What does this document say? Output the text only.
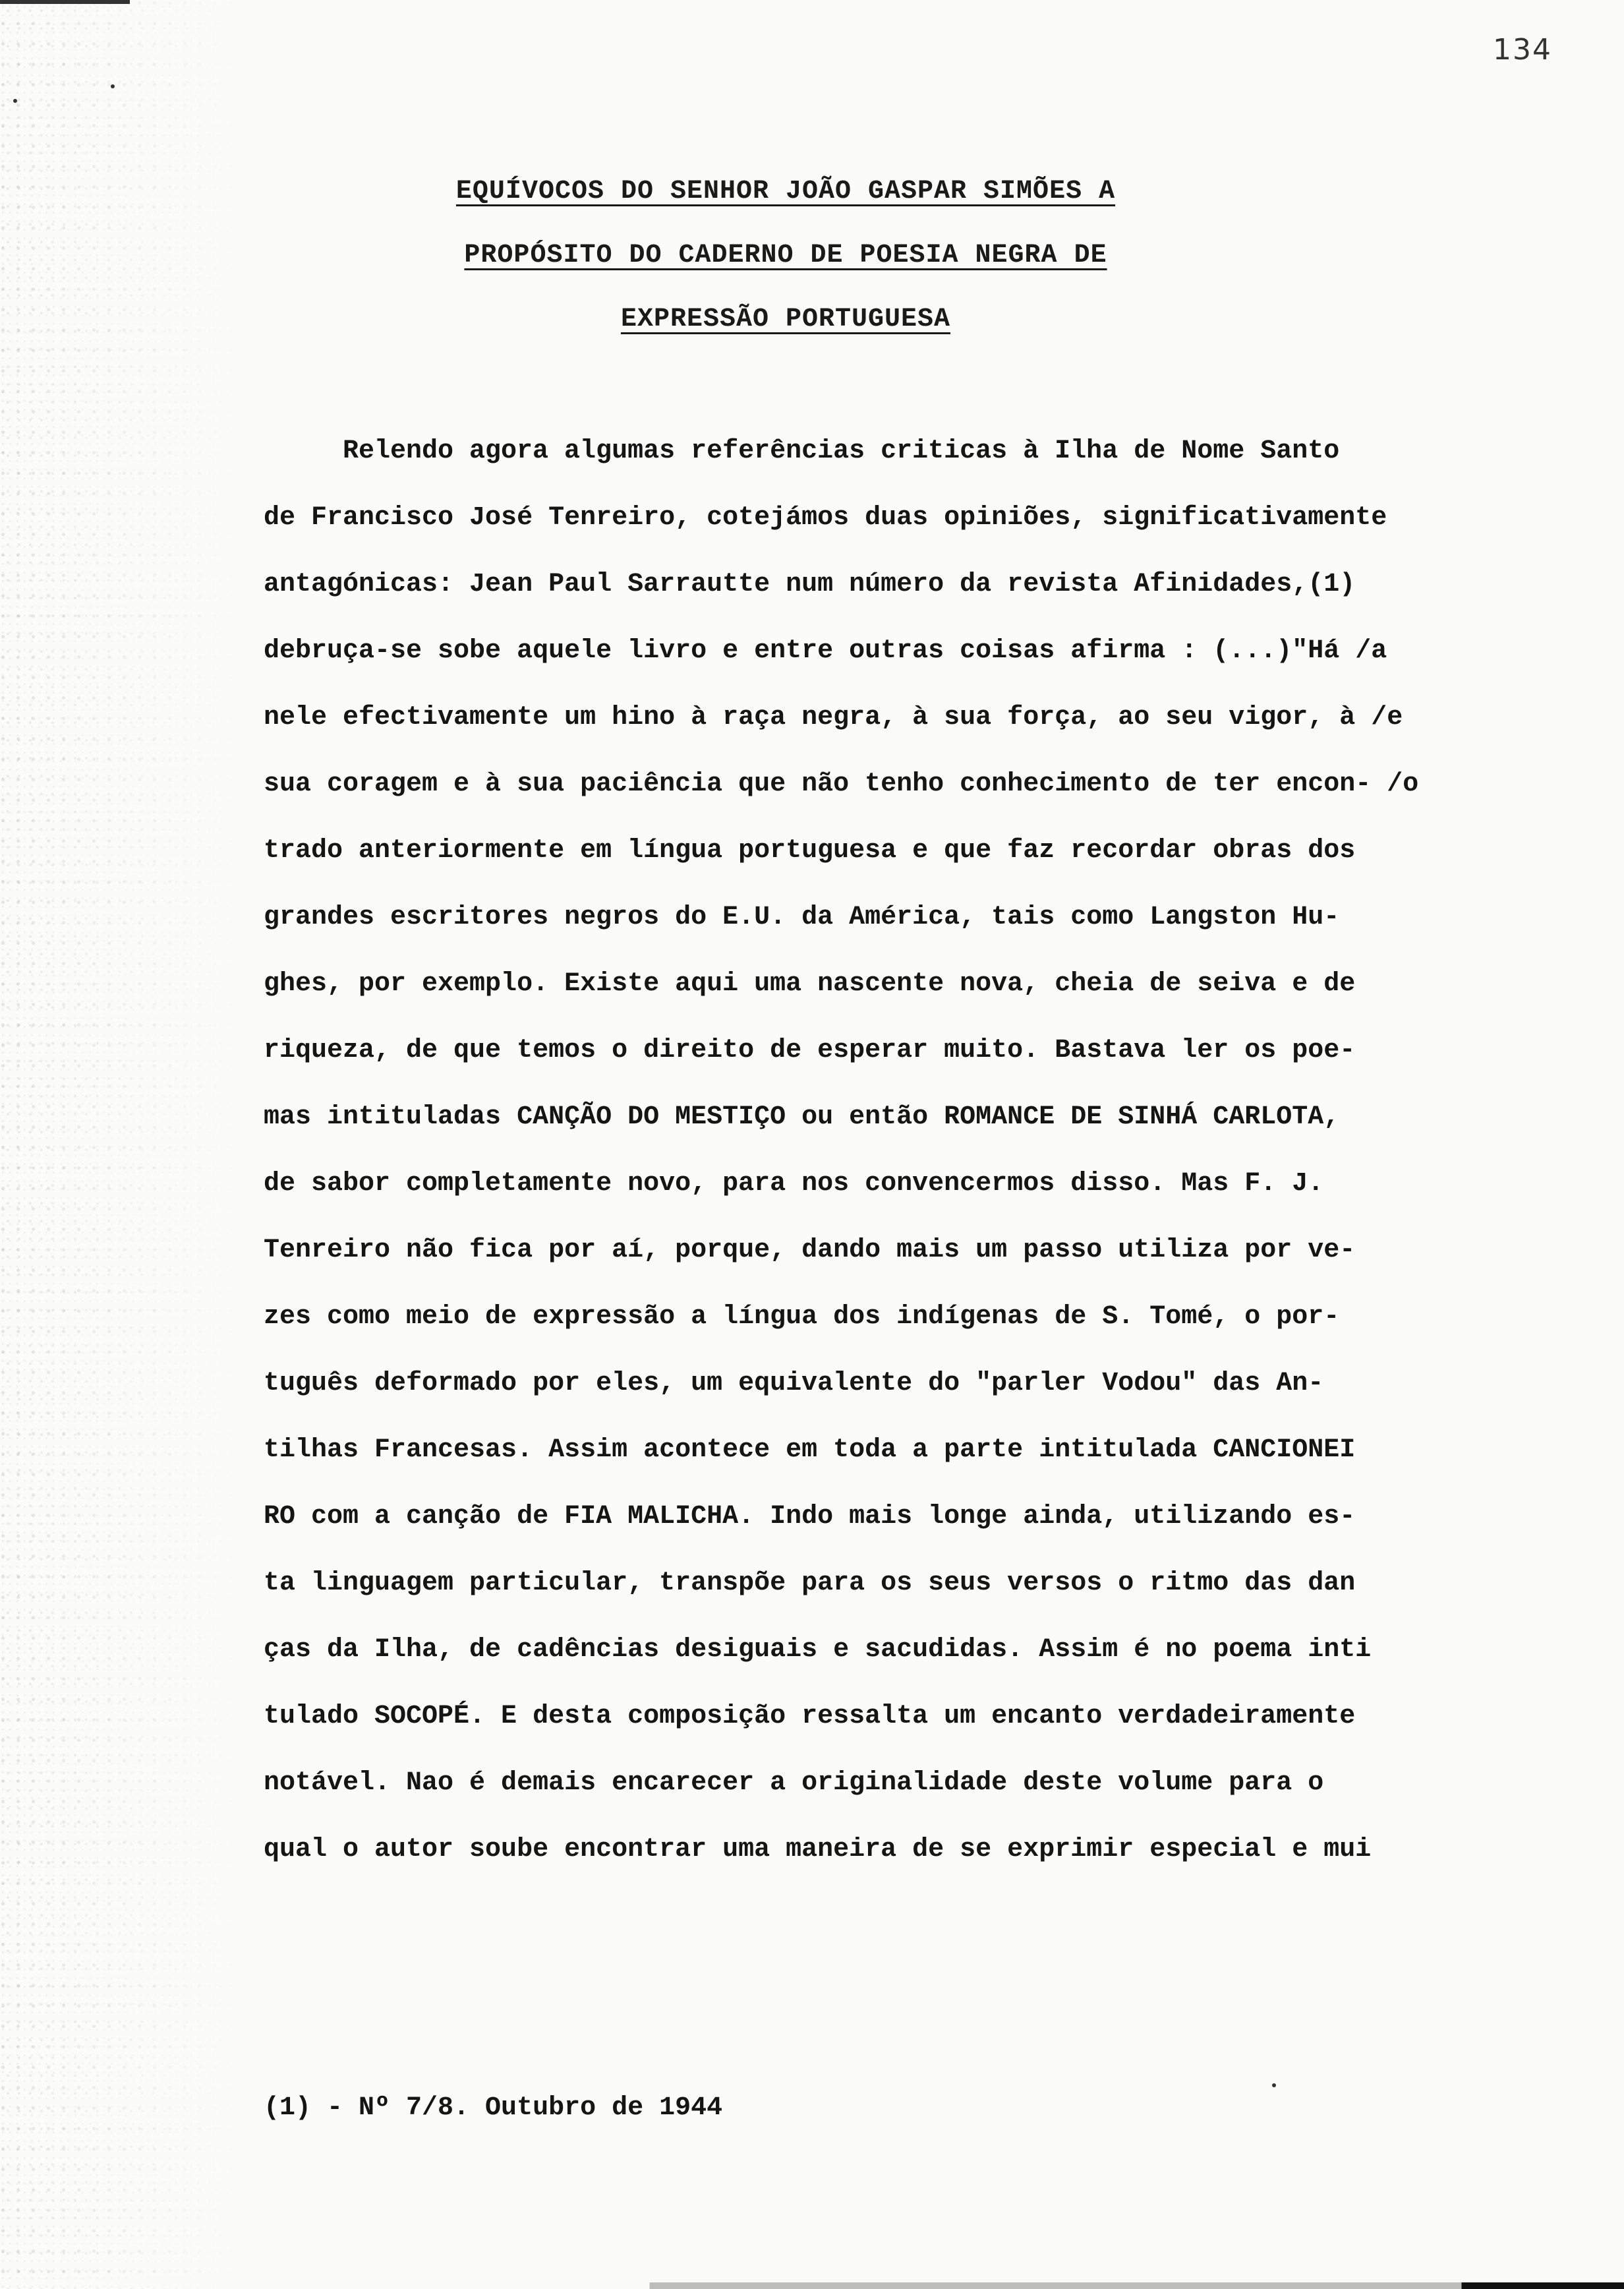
134
EQUÍVOCOS DO SENHOR JOÃO GASPAR SIMÕES A
PROPÓSITO DO CADERNO DE POESIA NEGRA DE
EXPRESSÃO PORTUGUESA
Relendo agora algumas referências criticas à Ilha de Nome Santo
de Francisco José Tenreiro, cotejámos duas opiniões, significativamente
antagónicas: Jean Paul Sarrautte num número da revista Afinidades,(1)
debruça-se sobe aquele livro e entre outras coisas afirma : (...)"Há /a
nele efectivamente um hino à raça negra, à sua força, ao seu vigor, à /e
sua coragem e à sua paciência que não tenho conhecimento de ter encon- /o
trado anteriormente em língua portuguesa e que faz recordar obras dos
grandes escritores negros do E.U. da América, tais como Langston Hu-
ghes, por exemplo. Existe aqui uma nascente nova, cheia de seiva e de
riqueza, de que temos o direito de esperar muito. Bastava ler os poe-
mas intituladas CANÇÃO DO MESTIÇO ou então ROMANCE DE SINHÁ CARLOTA,
de sabor completamente novo, para nos convencermos disso. Mas F. J.
Tenreiro não fica por aí, porque, dando mais um passo utiliza por ve-
zes como meio de expressão a língua dos indígenas de S. Tomé, o por-
tuguês deformado por eles, um equivalente do "parler Vodou" das An-
tilhas Francesas. Assim acontece em toda a parte intitulada CANCIONEI
RO com a canção de FIA MALICHA. Indo mais longe ainda, utilizando es-
ta linguagem particular, transpõe para os seus versos o ritmo das dan
ças da Ilha, de cadências desiguais e sacudidas. Assim é no poema inti
tulado SOCOPÉ. E desta composição ressalta um encanto verdadeiramente
notável. Nao é demais encarecer a originalidade deste volume para o
qual o autor soube encontrar uma maneira de se exprimir especial e mui
(1) - Nº 7/8. Outubro de 1944
